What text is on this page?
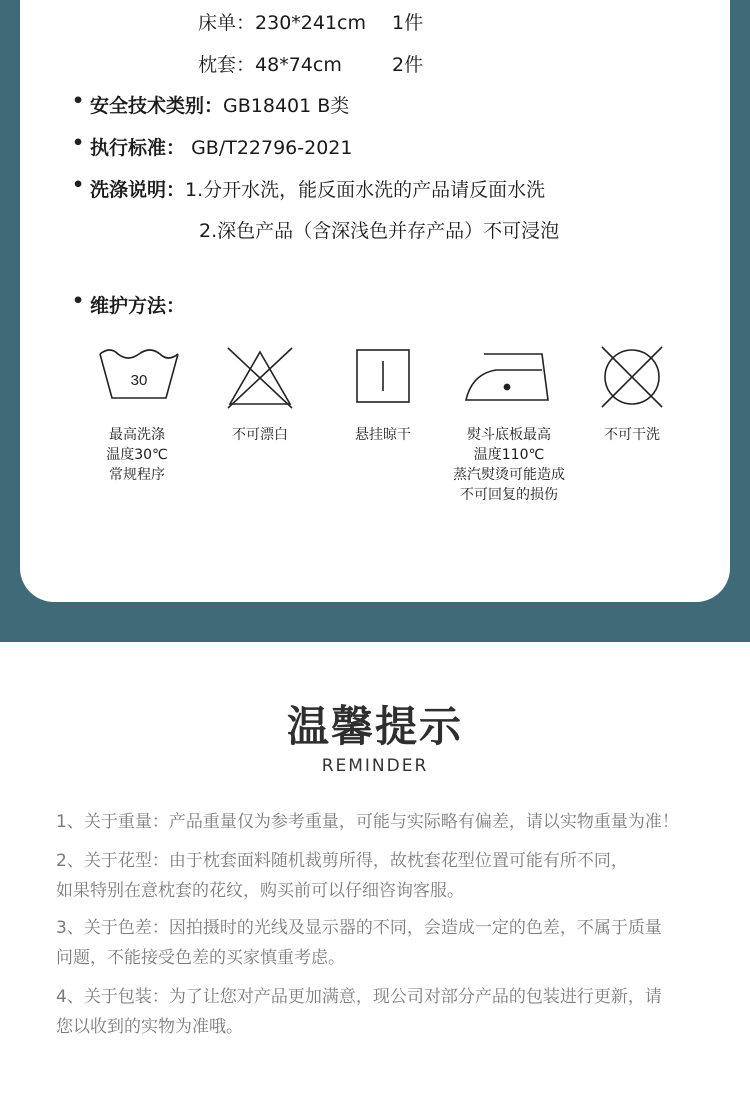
床单：230*241cm 1件
枕套：48*74cm	2件
• 安全技术类别：GB18401 B类
• 执行标准： GB/T22796-2021
• 洗涤说明：1.分开水洗，能反面水洗的产品请反面水洗
2.深色产品（含深浅色并存产品）不可浸泡
• 维护方法：
30
最高洗涤
温度30℃
常规程序
不可漂白	悬挂晾干	熨斗底板最高
温度110℃
蒸汽熨烫可能造成
不可回复的损伤
不可干洗
温馨提示
REMINDER
1、关于重量：产品重量仅为参考重量，可能与实际略有偏差，请以实物重量为准！
2、关于花型：由于枕套面料随机裁剪所得，故枕套花型位置可能有所不同，
如果特别在意枕套的花纹，购买前可以仔细咨询客服。
3、关于色差：因拍摄时的光线及显示器的不同，会造成一定的色差，不属于质量
问题，不能接受色差的买家慎重考虑。
4、关于包装：为了让您对产品更加满意，现公司对部分产品的包装进行更新，请
您以收到的实物为准哦。
